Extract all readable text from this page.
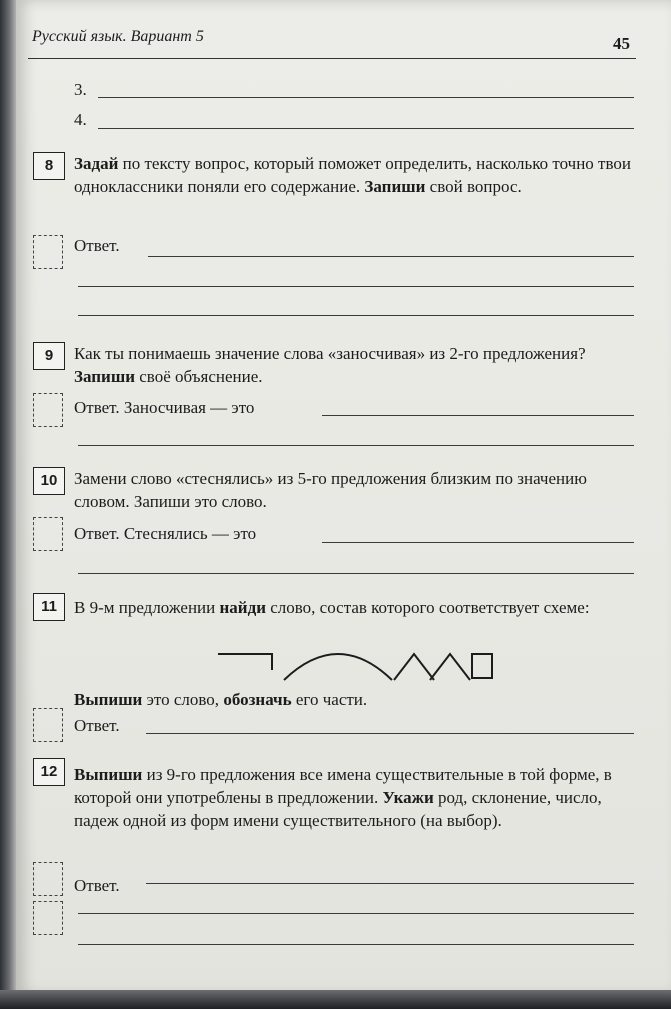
Русский язык. Вариант 5	45
3.
4.
8	Задай по тексту вопрос, который поможет определить, насколько точно твои одноклассники поняли его содержание. Запиши свой вопрос.
Ответ.
9	Как ты понимаешь значение слова «заносчивая» из 2-го предложения? Запиши своё объяснение.
Ответ. Заносчивая — это
10 Замени слово «стеснялись» из 5-го предложения близким по значению словом. Запиши это слово.
Ответ. Стеснялись — это
11	В 9-м предложении найди слово, состав которого соответствует схеме:
Выпиши это слово, обозначь его части.
Ответ.
12 Выпиши из 9-го предложения все имена существительные в той форме, в которой они употреблены в предложении. Укажи род, склонение, число, падеж одной из форм имени существительного (на выбор).
Ответ.
